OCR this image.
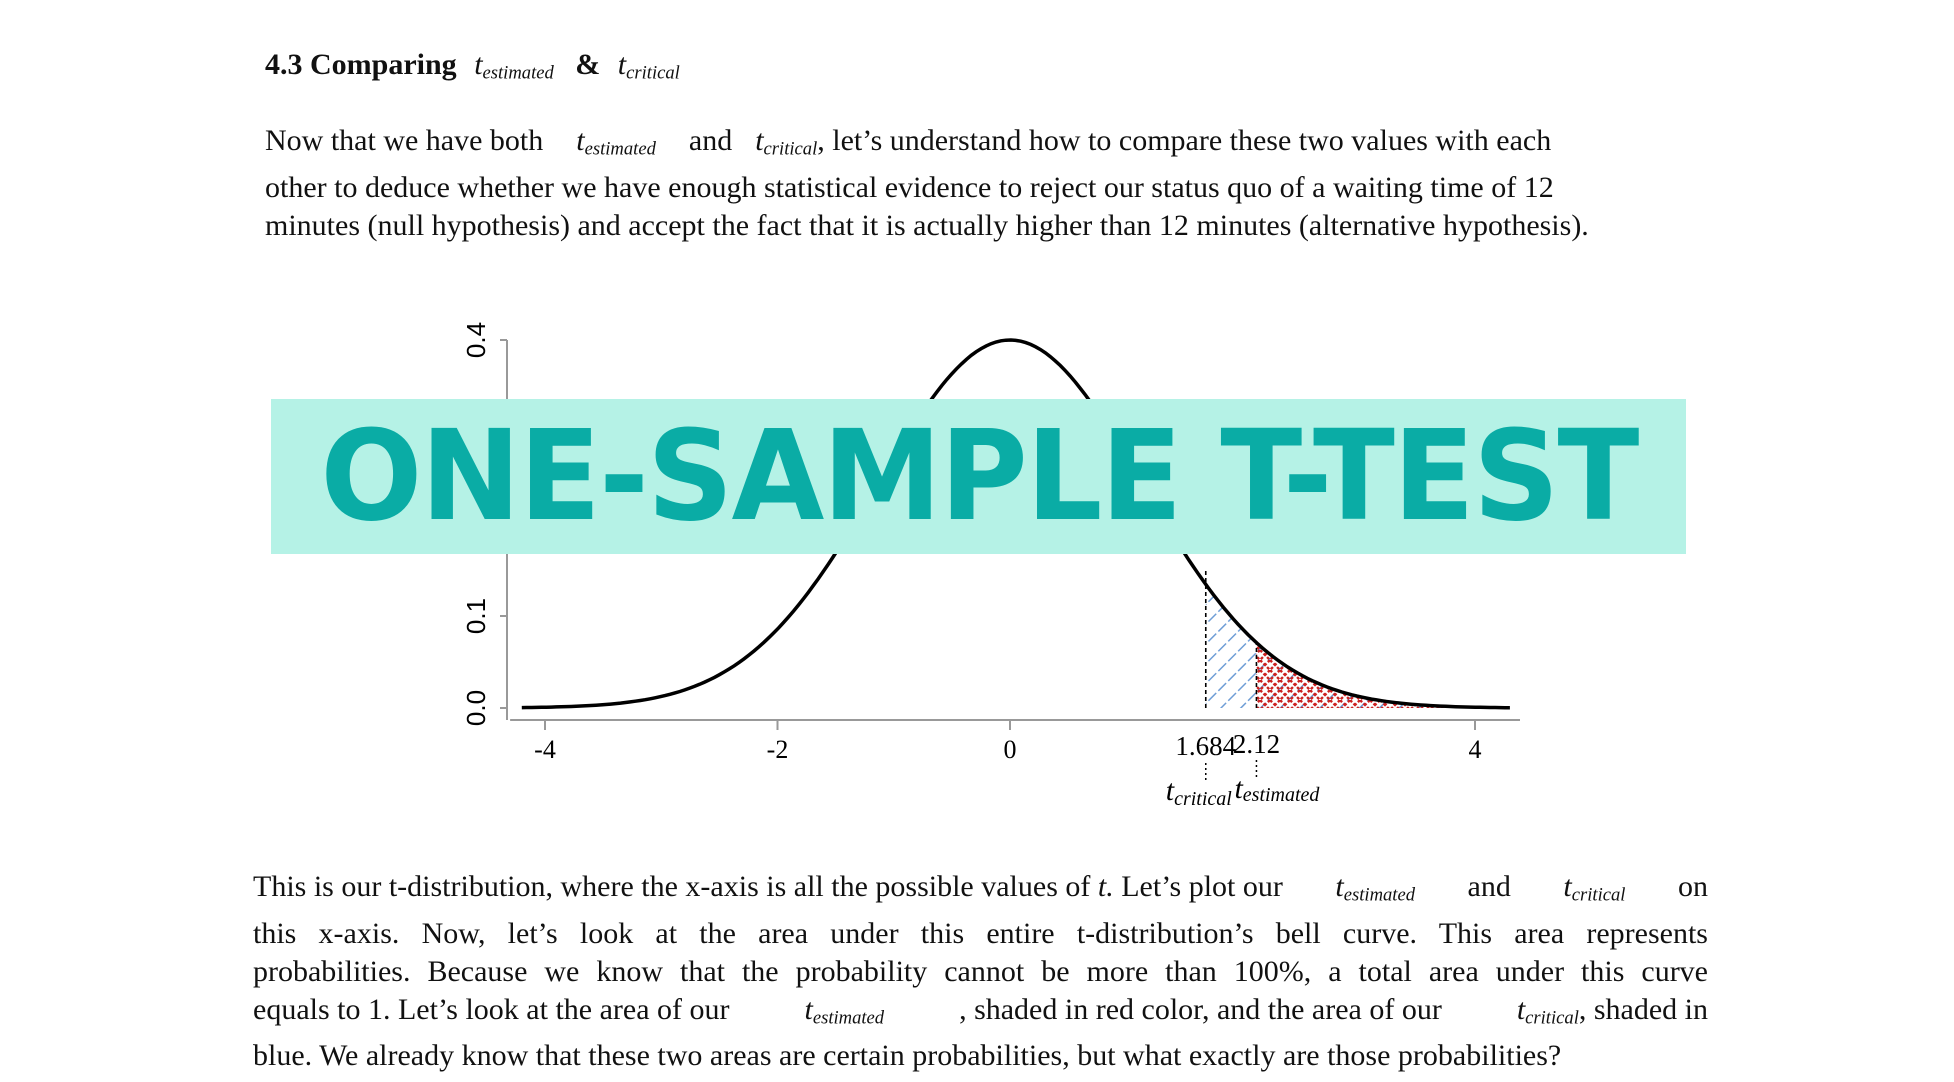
4.3 Comparing $t_{estimated}$ & $t_{critical}$
Now that we have both $t_{estimated}$ and $t_{critical}$, let’s understand how to compare these two values with each
other to deduce whether we have enough statistical evidence to reject our status quo of a waiting time of 12
minutes (null hypothesis) and accept the fact that it is actually higher than 12 minutes (alternative hypothesis).
-4	-2	0	4
0.0
0.1
0.4
1.684
2.12
tcritical testimated
ONE-SAMPLE T-TEST
This is our t-distribution, where the x-axis is all the possible values of t. Let’s plot our $t_{estimated}$ and $t_{critical}$ on
this x-axis. Now, let’s look at the area under this entire t-distribution’s bell curve. This area represents
probabilities. Because we know that the probability cannot be more than 100%, a total area under this curve
equals to 1. Let’s look at the area of our $t_{estimated}$ , shaded in red color, and the area of our $t_{critical}$, shaded in
blue. We already know that these two areas are certain probabilities, but what exactly are those probabilities?
